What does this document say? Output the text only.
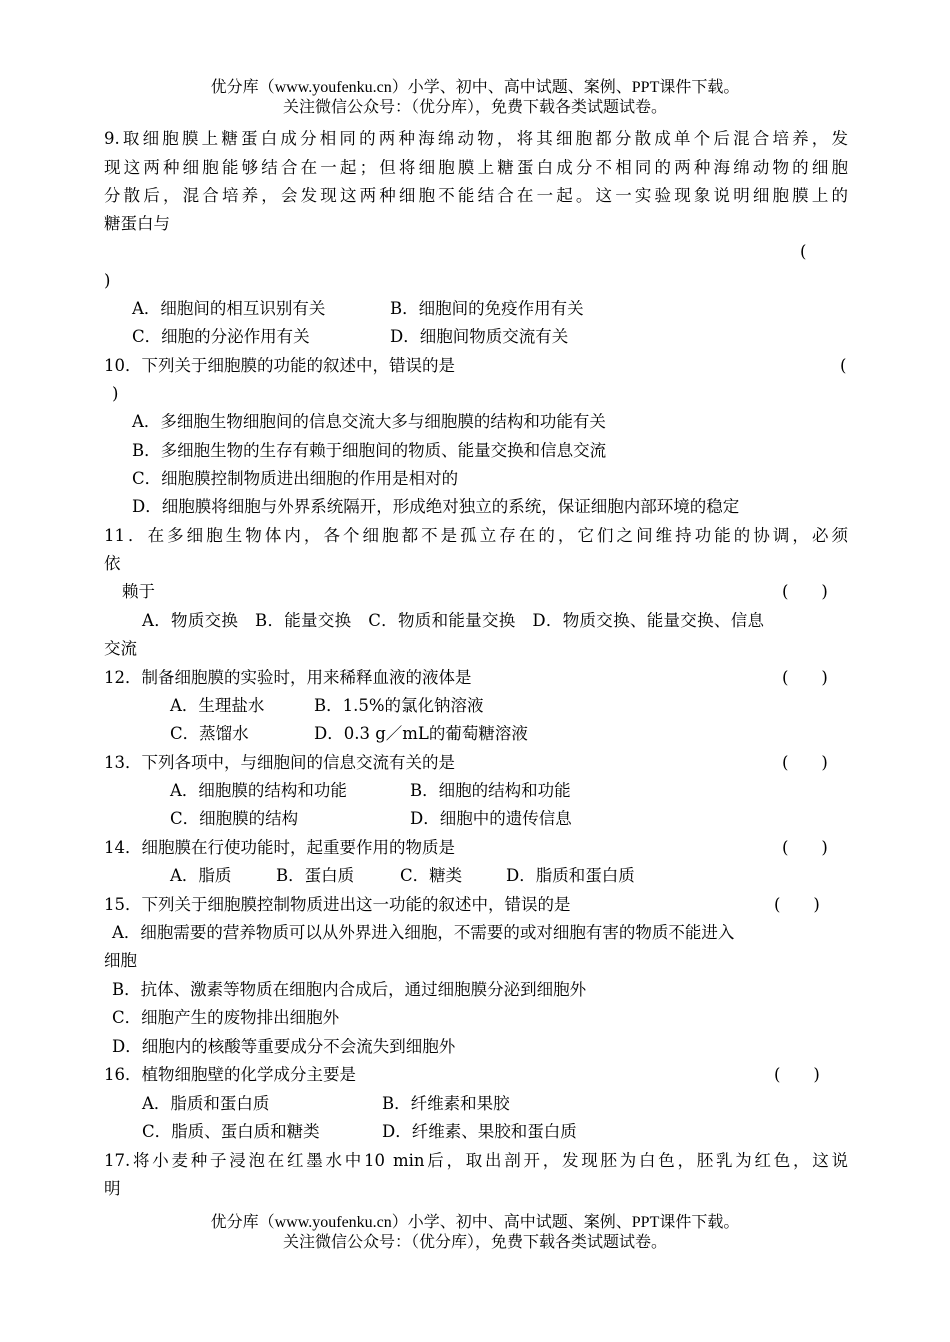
优分库（www.youfenku.cn）小学、初中、高中试题、案例、PPT课件下载。
关注微信公众号：（优分库），免费下载各类试题试卷。
9.取细胞膜上糖蛋白成分相同的两种海绵动物，将其细胞都分散成单个后混合培养，发
现这两种细胞能够结合在一起；但将细胞膜上糖蛋白成分不相同的两种海绵动物的细胞
分散后，混合培养，会发现这两种细胞不能结合在一起。这一实验现象说明细胞膜上的
糖蛋白与
(
)
A．细胞间的相互识别有关	B．细胞间的免疫作用有关
C．细胞的分泌作用有关	D．细胞间物质交流有关
10．下列关于细胞膜的功能的叙述中，错误的是	(
)
A．多细胞生物细胞间的信息交流大多与细胞膜的结构和功能有关
B．多细胞生物的生存有赖于细胞间的物质、能量交换和信息交流
C．细胞膜控制物质进出细胞的作用是相对的
D．细胞膜将细胞与外界系统隔开，形成绝对独立的系统，保证细胞内部环境的稳定
11．在多细胞生物体内，各个细胞都不是孤立存在的，它们之间维持功能的协调，必须
依
赖于	(　　)
A．物质交换　B．能量交换　C．物质和能量交换　D．物质交换、能量交换、信息
交流
12．制备细胞膜的实验时，用来稀释血液的液体是	(　　)
A．生理盐水	B．1.5%的氯化钠溶液
C．蒸馏水	D．0.3 g／mL的葡萄糖溶液
13．下列各项中，与细胞间的信息交流有关的是	(　　)
A．细胞膜的结构和功能	B．细胞的结构和功能
C．细胞膜的结构	D．细胞中的遗传信息
14．细胞膜在行使功能时，起重要作用的物质是	(　　)
A．脂质	B．蛋白质	C．糖类	D．脂质和蛋白质
15．下列关于细胞膜控制物质进出这一功能的叙述中，错误的是	(　　)
A．细胞需要的营养物质可以从外界进入细胞，不需要的或对细胞有害的物质不能进入
细胞
B．抗体、激素等物质在细胞内合成后，通过细胞膜分泌到细胞外
C．细胞产生的废物排出细胞外
D．细胞内的核酸等重要成分不会流失到细胞外
16．植物细胞壁的化学成分主要是	(　　)
A．脂质和蛋白质	B．纤维素和果胶
C．脂质、蛋白质和糖类	D．纤维素、果胶和蛋白质
17.将小麦种子浸泡在红墨水中10 min后，取出剖开，发现胚为白色，胚乳为红色，这说
明
优分库（www.youfenku.cn）小学、初中、高中试题、案例、PPT课件下载。
关注微信公众号：（优分库），免费下载各类试题试卷。
